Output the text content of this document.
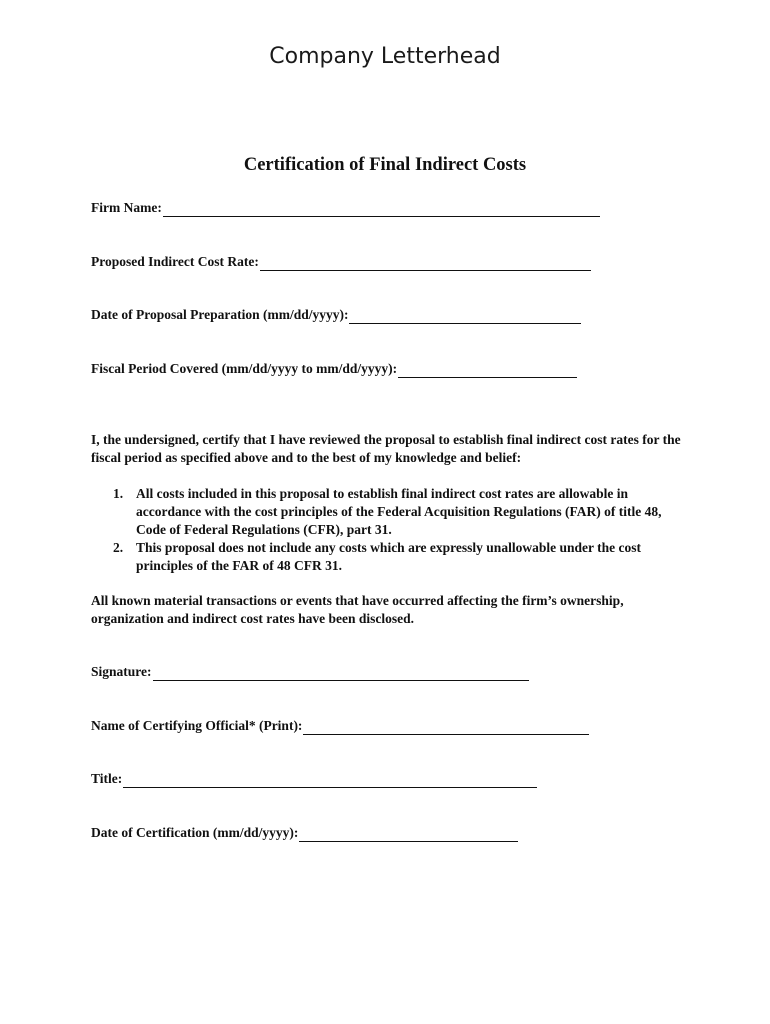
Company Letterhead
Certification of Final Indirect Costs
Firm Name:
Proposed Indirect Cost Rate:
Date of Proposal Preparation (mm/dd/yyyy):
Fiscal Period Covered (mm/dd/yyyy to mm/dd/yyyy):
I, the undersigned, certify that I have reviewed the proposal to establish final indirect cost rates for the fiscal period as specified above and to the best of my knowledge and belief:
1. All costs included in this proposal to establish final indirect cost rates are allowable in accordance with the cost principles of the Federal Acquisition Regulations (FAR) of title 48, Code of Federal Regulations (CFR), part 31.
2. This proposal does not include any costs which are expressly unallowable under the cost principles of the FAR of 48 CFR 31.
All known material transactions or events that have occurred affecting the firm’s ownership, organization and indirect cost rates have been disclosed.
Signature:
Name of Certifying Official* (Print):
Title:
Date of Certification (mm/dd/yyyy):
